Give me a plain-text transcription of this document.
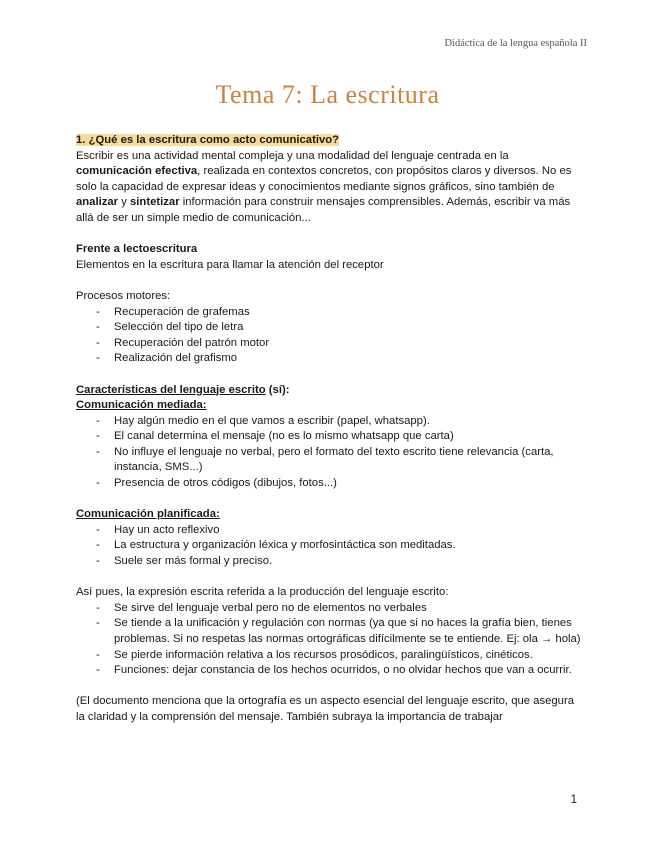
Didáctica de la lengua española II
Tema 7: La escritura

1. ¿Qué es la escritura como acto comunicativo?

Escribir es una actividad mental compleja y una modalidad del lenguaje centrada en la comunicación efectiva, realizada en contextos concretos, con propósitos claros y diversos. No es solo la capacidad de expresar ideas y conocimientos mediante signos gráficos, sino también de analizar y sintetizar información para construir mensajes comprensibles. Además, escribir va más allá de ser un simple medio de comunicación...

Frente a lectoescritura

Elementos en la escritura para llamar la atención del receptor

Procesos motores:

- Recuperación de grafemas
- Selección del tipo de letra
- Recuperación del patrón motor
- Realización del grafismo

Características del lenguaje escrito (sí):

Comunicación mediada:

- Hay algún medio en el que vamos a escribir (papel, whatsapp).
- El canal determina el mensaje (no es lo mismo whatsapp que carta)
- No influye el lenguaje no verbal, pero el formato del texto escrito tiene relevancia (carta, instancia, SMS...)
- Presencia de otros códigos (dibujos, fotos...)

Comunicación planificada:

- Hay un acto reflexivo
- La estructura y organización léxica y morfosintáctica son meditadas.
- Suele ser más formal y preciso.

Así pues, la expresión escrita referida a la producción del lenguaje escrito:

- Se sirve del lenguaje verbal pero no de elementos no verbales
- Se tiende a la unificación y regulación con normas (ya que si no haces la grafía bien, tienes problemas. Si no respetas las normas ortográficas difícilmente se te entiende. Ej: ola → hola)
- Se pierde información relativa a los recursos prosódicos, paralingüísticos, cinéticos.
- Funciones: dejar constancia de los hechos ocurridos, o no olvidar hechos que van a ocurrir.

(El documento menciona que la ortografía es un aspecto esencial del lenguaje escrito, que asegura la claridad y la comprensión del mensaje. También subraya la importancia de trabajar

1
